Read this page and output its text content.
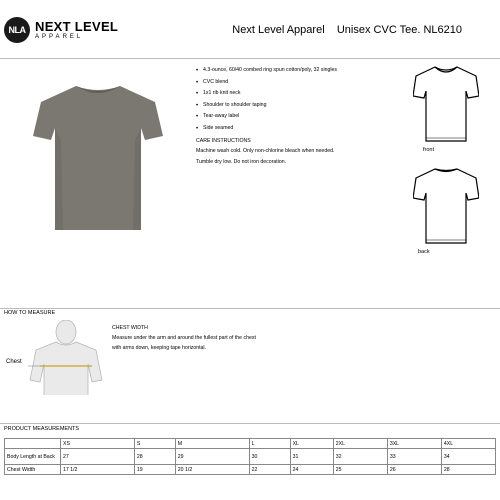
NLA NEXT LEVEL
APPAREL
Next Level Apparel    Unisex CVC Tee. NL6210
• 4.3-ounce, 60/40 combed ring spun cotton/poly, 32 singles
• CVC blend
• 1x1 rib knit neck
• Shoulder to shoulder taping
• Tear-away label
• Side seamed
CARE INSTRUCTIONS
Machine wash cold. Only non-chlorine bleach when needed.
Tumble dry low. Do not iron decoration.
front
back
HOW TO MEASURE
Chest
CHEST WIDTH
Measure under the arm and around the fullest part of the chest
with arms down, keeping tape horizontal.
PRODUCT MEASUREMENTS
	XS	S	M	L	XL	2XL	3XL	4XL
Body Length at Back	27	28	29	30	31	32	33	34
Chest Width	17 1/2	19	20 1/2	22	24	25	26	28
